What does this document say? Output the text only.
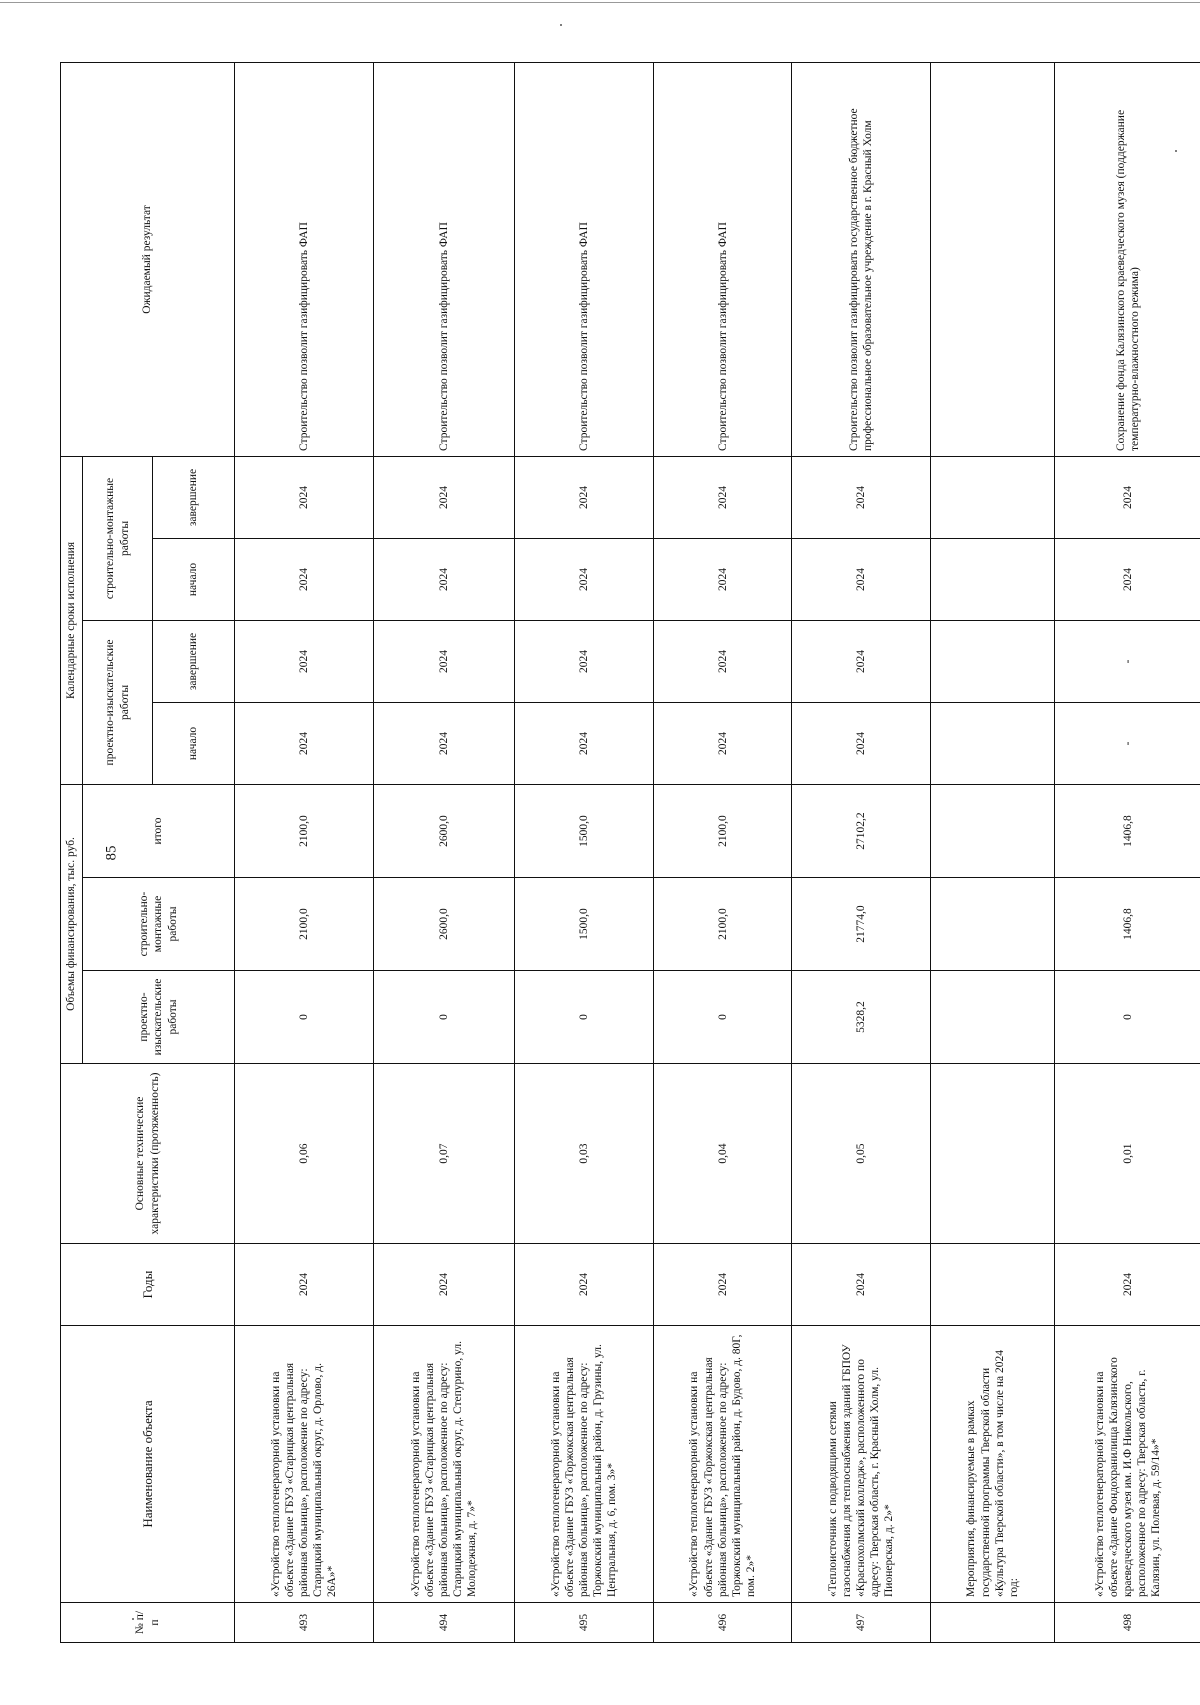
85
№ п/п	Наименование объекта	Годы	Основные технические характеристики (протяженность)	Объемы финансирования, тыс. руб.			Календарные сроки исполнения				Ожидаемый результат
				проектно-изыскательские работы	строительно-монтажные работы	итого	проектно-изыскательские работы		строительно-монтажные работы		
							начало	завершение	начало	завершение	
493	«Устройство теплогенераторной установки на объекте «Здание ГБУЗ «Старицкая центральная районная больница», расположение по адресу: Старицкий муниципальный округ, д. Орлово, д. 26А»*	2024	0,06	0	2100,0	2100,0	2024	2024	2024	2024	Строительство позволит газифицировать ФАП
494	«Устройство теплогенераторной установки на объекте «Здание ГБУЗ «Старицкая центральная районная больница», расположенное по адресу: Старицкий муниципальный округ, д. Степурино, ул. Молодежная, д. 7»*	2024	0,07	0	2600,0	2600,0	2024	2024	2024	2024	Строительство позволит газифицировать ФАП
495	«Устройство теплогенераторной установки на объекте «Здание ГБУЗ «Торжокская центральная районная больница», расположенное по адресу: Торжокский муниципальный район, д. Грузины, ул. Центральная, д. 6, пом. 3»*	2024	0,03	0	1500,0	1500,0	2024	2024	2024	2024	Строительство позволит газифицировать ФАП
496	«Устройство теплогенераторной установки на объекте «Здание ГБУЗ «Торжокская центральная районная больница», расположенное по адресу: Торжокский муниципальный район, д. Будово, д. 80Г, пом. 2»*	2024	0,04	0	2100,0	2100,0	2024	2024	2024	2024	Строительство позволит газифицировать ФАП
497	«Теплоисточник с подводящими сетями газоснабжения для теплоснабжения зданий ГБПОУ «Краснохолмский колледж», расположенного по адресу: Тверская область, г. Красный Холм, ул. Пионерская, д. 2»*	2024	0,05	5328,2	21774,0	27102,2	2024	2024	2024	2024	Строительство позволит газифицировать государственное бюджетное профессиональное образовательное учреждение в г. Красный Холм
	Мероприятия, финансируемые в рамках государственной программы Тверской области «Культура Тверской области», в том числе на 2024 год:										
498	«Устройство теплогенераторной установки на объекте «Здание Фондохранилища Калязинского краеведческого музея им. И.Ф Никольского, расположенное по адресу: Тверская область, г. Калязин, ул. Полевая, д. 59/14»*	2024	0,01	0	1406,8	1406,8	-	-	2024	2024	Сохранение фонда Калязинского краеведческого музея (поддержание температурно-влажностного режима)
